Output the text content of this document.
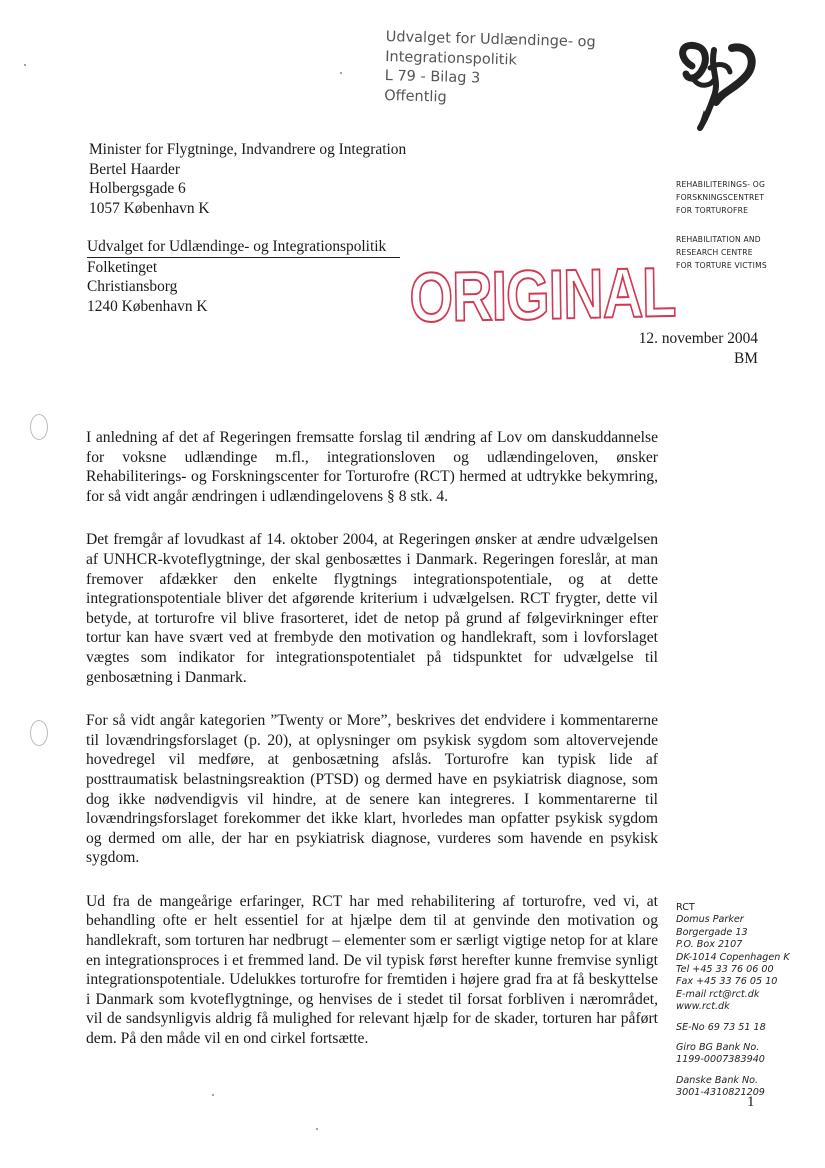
Udvalget for Udlændinge- og
Integrationspolitik
L 79 - Bilag 3
Offentlig
REHABILITERINGS- OG
FORSKNINGSCENTRET
FOR TORTUROFRE
REHABILITATION AND
RESEARCH CENTRE
FOR TORTURE VICTIMS
Minister for Flygtninge, Indvandrere og Integration
Bertel Haarder
Holbergsgade 6
1057 København K
Udvalget for Udlændinge- og Integrationspolitik
Folketinget
Christiansborg
1240 København K	ORIGINAL
12. november 2004
BM

I anledning af det af Regeringen fremsatte forslag til ændring af Lov om danskuddannelse for voksne udlændinge m.fl., integrationsloven og udlændingeloven, ønsker Rehabiliterings- og Forskningscenter for Torturofre (RCT) hermed at udtrykke bekymring, for så vidt angår ændringen i udlændingelovens § 8 stk. 4.

Det fremgår af lovudkast af 14. oktober 2004, at Regeringen ønsker at ændre udvælgelsen af UNHCR-kvoteflygtninge, der skal genbosættes i Danmark. Regeringen foreslår, at man fremover afdækker den enkelte flygtnings integrationspotentiale, og at dette integrationspotentiale bliver det afgørende kriterium i udvælgelsen. RCT frygter, dette vil betyde, at torturofre vil blive frasorteret, idet de netop på grund af følgevirkninger efter tortur kan have svært ved at frembyde den motivation og handlekraft, som i lovforslaget vægtes som indikator for integrationspotentialet på tidspunktet for udvælgelse til genbosætning i Danmark.

For så vidt angår kategorien ”Twenty or More”, beskrives det endvidere i kommentarerne til lovændringsforslaget (p. 20), at oplysninger om psykisk sygdom som altovervejende hovedregel vil medføre, at genbosætning afslås. Torturofre kan typisk lide af posttraumatisk belastningsreaktion (PTSD) og dermed have en psykiatrisk diagnose, som dog ikke nødvendigvis vil hindre, at de senere kan integreres. I kommentarerne til lovændringsforslaget forekommer det ikke klart, hvorledes man opfatter psykisk sygdom og dermed om alle, der har en psykiatrisk diagnose, vurderes som havende en psykisk sygdom.

Ud fra de mangeårige erfaringer, RCT har med rehabilitering af torturofre, ved vi, at behandling ofte er helt essentiel for at hjælpe dem til at genvinde den motivation og handlekraft, som torturen har nedbrugt – elementer som er særligt vigtige netop for at klare en integrationsproces i et fremmed land. De vil typisk først herefter kunne fremvise synligt integrationspotentiale. Udelukkes torturofre for fremtiden i højere grad fra at få beskyttelse i Danmark som kvoteflygtninge, og henvises de i stedet til forsat forbliven i nærområdet, vil de sandsynligvis aldrig få mulighed for relevant hjælp for de skader, torturen har påført dem. På den måde vil en ond cirkel fortsætte.

RCT
Domus Parker
Borgergade 13
P.O. Box 2107
DK-1014 Copenhagen K
Tel +45 33 76 06 00
Fax +45 33 76 05 10
E-mail rct@rct.dk
www.rct.dk
SE-No 69 73 51 18
Giro BG Bank No.
1199-0007383940
Danske Bank No.
3001-4310821209
1
